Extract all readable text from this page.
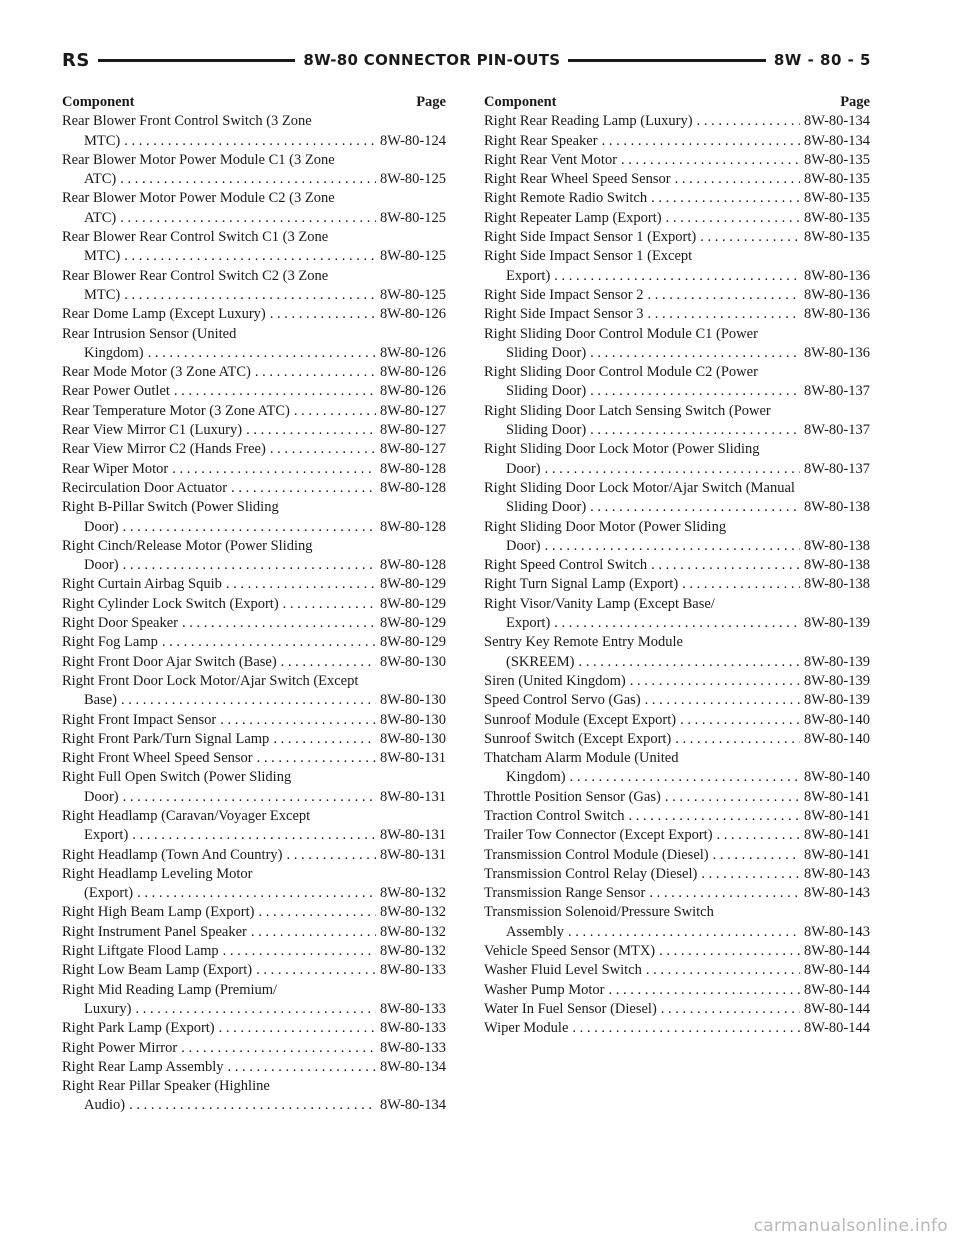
RS	8W-80 CONNECTOR PIN-OUTS	8W - 80 - 5
Component	Page
Rear Blower Front Control Switch (3 Zone
MTC) . . .	8W-80-124
Rear Blower Motor Power Module C1 (3 Zone
ATC) . . .	8W-80-125
Rear Blower Motor Power Module C2 (3 Zone
ATC) . . .	8W-80-125
Rear Blower Rear Control Switch C1 (3 Zone
MTC) . . .	8W-80-125
Rear Blower Rear Control Switch C2 (3 Zone
MTC) . . .	8W-80-125
Rear Dome Lamp (Except Luxury) . . .	8W-80-126
Rear Intrusion Sensor (United
Kingdom) . . .	8W-80-126
Rear Mode Motor (3 Zone ATC) . . .	8W-80-126
Rear Power Outlet . . .	8W-80-126
Rear Temperature Motor (3 Zone ATC) . . .	8W-80-127
Rear View Mirror C1 (Luxury) . . .	8W-80-127
Rear View Mirror C2 (Hands Free) . . .	8W-80-127
Rear Wiper Motor . . .	8W-80-128
Recirculation Door Actuator . . .	8W-80-128
Right B-Pillar Switch (Power Sliding
Door) . . .	8W-80-128
Right Cinch/Release Motor (Power Sliding
Door) . . .	8W-80-128
Right Curtain Airbag Squib . . .	8W-80-129
Right Cylinder Lock Switch (Export) . . .	8W-80-129
Right Door Speaker . . .	8W-80-129
Right Fog Lamp . . .	8W-80-129
Right Front Door Ajar Switch (Base) . . .	8W-80-130
Right Front Door Lock Motor/Ajar Switch (Except
Base) . . .	8W-80-130
Right Front Impact Sensor . . .	8W-80-130
Right Front Park/Turn Signal Lamp . . .	8W-80-130
Right Front Wheel Speed Sensor . . .	8W-80-131
Right Full Open Switch (Power Sliding
Door) . . .	8W-80-131
Right Headlamp (Caravan/Voyager Except
Export) . . .	8W-80-131
Right Headlamp (Town And Country) . . .	8W-80-131
Right Headlamp Leveling Motor
(Export) . . .	8W-80-132
Right High Beam Lamp (Export) . . .	8W-80-132
Right Instrument Panel Speaker . . .	8W-80-132
Right Liftgate Flood Lamp . . .	8W-80-132
Right Low Beam Lamp (Export) . . .	8W-80-133
Right Mid Reading Lamp (Premium/
Luxury) . . .	8W-80-133
Right Park Lamp (Export) . . .	8W-80-133
Right Power Mirror . . .	8W-80-133
Right Rear Lamp Assembly . . .	8W-80-134
Right Rear Pillar Speaker (Highline
Audio) . . .	8W-80-134
Component	Page
Right Rear Reading Lamp (Luxury) . . .	8W-80-134
Right Rear Speaker . . .	8W-80-134
Right Rear Vent Motor . . .	8W-80-135
Right Rear Wheel Speed Sensor . . .	8W-80-135
Right Remote Radio Switch . . .	8W-80-135
Right Repeater Lamp (Export) . . .	8W-80-135
Right Side Impact Sensor 1 (Export) . . .	8W-80-135
Right Side Impact Sensor 1 (Except
Export) . . .	8W-80-136
Right Side Impact Sensor 2 . . .	8W-80-136
Right Side Impact Sensor 3 . . .	8W-80-136
Right Sliding Door Control Module C1 (Power
Sliding Door) . . .	8W-80-136
Right Sliding Door Control Module C2 (Power
Sliding Door) . . .	8W-80-137
Right Sliding Door Latch Sensing Switch (Power
Sliding Door) . . .	8W-80-137
Right Sliding Door Lock Motor (Power Sliding
Door) . . .	8W-80-137
Right Sliding Door Lock Motor/Ajar Switch (Manual
Sliding Door) . . .	8W-80-138
Right Sliding Door Motor (Power Sliding
Door) . . .	8W-80-138
Right Speed Control Switch . . .	8W-80-138
Right Turn Signal Lamp (Export) . . .	8W-80-138
Right Visor/Vanity Lamp (Except Base/
Export) . . .	8W-80-139
Sentry Key Remote Entry Module
(SKREEM) . . .	8W-80-139
Siren (United Kingdom) . . .	8W-80-139
Speed Control Servo (Gas) . . .	8W-80-139
Sunroof Module (Except Export) . . .	8W-80-140
Sunroof Switch (Except Export) . . .	8W-80-140
Thatcham Alarm Module (United
Kingdom) . . .	8W-80-140
Throttle Position Sensor (Gas) . . .	8W-80-141
Traction Control Switch . . .	8W-80-141
Trailer Tow Connector (Except Export) . . .	8W-80-141
Transmission Control Module (Diesel) . . .	8W-80-141
Transmission Control Relay (Diesel) . . .	8W-80-143
Transmission Range Sensor . . .	8W-80-143
Transmission Solenoid/Pressure Switch
Assembly . . .	8W-80-143
Vehicle Speed Sensor (MTX) . . .	8W-80-144
Washer Fluid Level Switch . . .	8W-80-144
Washer Pump Motor . . .	8W-80-144
Water In Fuel Sensor (Diesel) . . .	8W-80-144
Wiper Module . . .	8W-80-144
carmanualsonline.info
